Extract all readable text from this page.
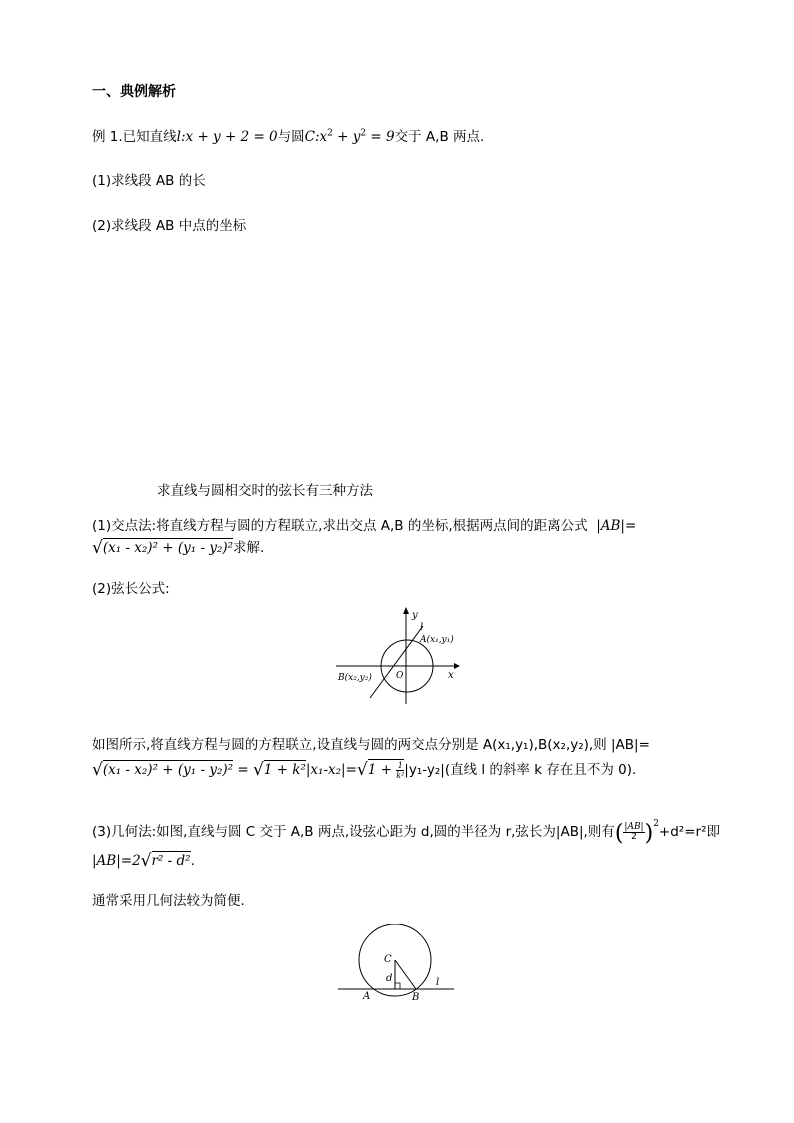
一、典例解析
例 1.已知直线l:x + y + 2 = 0与圆$C:x^2 + y^2 = 9$交于 A,B 两点.
(1)求线段 AB 的长
(2)求线段 AB 中点的坐标
求直线与圆相交时的弦长有三种方法
(1)交点法:将直线方程与圆的方程联立,求出交点 A,B 的坐标,根据两点间的距离公式 |AB|=
√(x₁ - x₂)² + (y₁ - y₂)²求解.
(2)弦长公式:
y
x
l
A(x₁,y₁)
B(x₂,y₂)	O
如图所示,将直线方程与圆的方程联立,设直线与圆的两交点分别是 A(x₁,y₁),B(x₂,y₂),则 |AB|=
$√(x_1 - x_2)^2 + (y_1 - y_2)^2 = √1 + k^2|x_1-x_2|=√1 + \frac{1}{\text{k²}} |y_1-y_2|$(直线 l 的斜率 k 存在且不为 0).
(3)几何法:如图,直线与圆 C 交于 A,B 两点,设弦心距为 d,圆的半径为 r,弦长为|AB|,则有( $\frac{|AB|}{2} )^2+d^2=r^2$即
|AB|=2√r² - d².
通常采用几何法较为简便.
C
d
A	B
l
